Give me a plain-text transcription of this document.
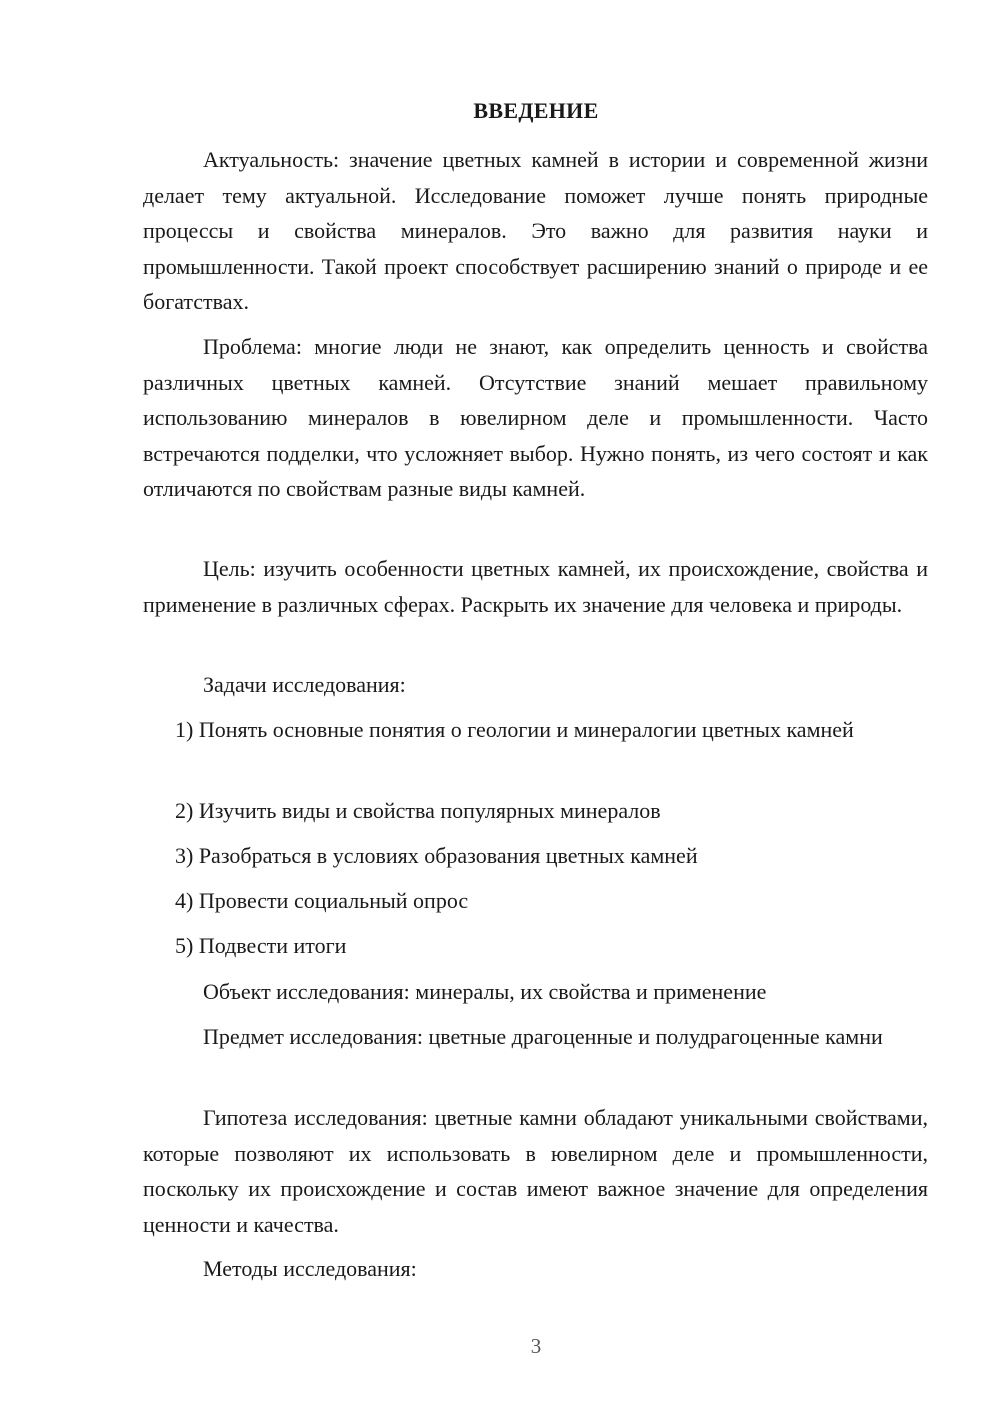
ВВЕДЕНИЕ

Актуальность: значение цветных камней в истории и современной жизни делает тему актуальной. Исследование поможет лучше понять природные процессы и свойства минералов. Это важно для развития науки и промышленности. Такой проект способствует расширению знаний о природе и ее богатствах.

Проблема: многие люди не знают, как определить ценность и свойства различных цветных камней. Отсутствие знаний мешает правильному использованию минералов в ювелирном деле и промышленности. Часто встречаются подделки, что усложняет выбор. Нужно понять, из чего состоят и как отличаются по свойствам разные виды камней.

Цель: изучить особенности цветных камней, их происхождение, свойства и применение в различных сферах. Раскрыть их значение для человека и природы.

Задачи исследования:

1) Понять основные понятия о геологии и минералогии цветных камней

2) Изучить виды и свойства популярных минералов

3) Разобраться в условиях образования цветных камней

4) Провести социальный опрос

5) Подвести итоги

Объект исследования: минералы, их свойства и применение

Предмет исследования: цветные драгоценные и полудрагоценные камни

Гипотеза исследования: цветные камни обладают уникальными свойствами, которые позволяют их использовать в ювелирном деле и промышленности, поскольку их происхождение и состав имеют важное значение для определения ценности и качества.

Методы исследования:

3
